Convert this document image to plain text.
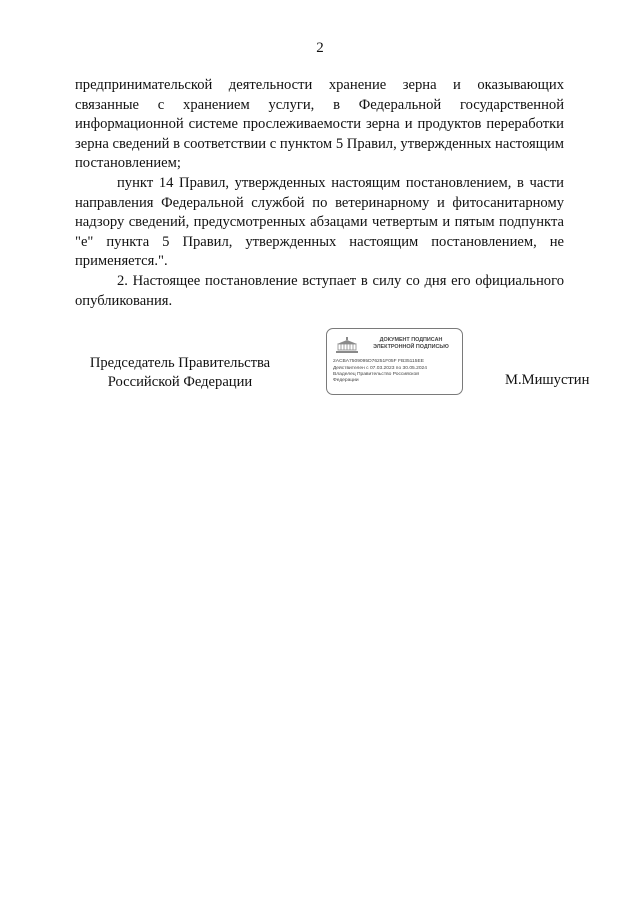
2

предпринимательской деятельности хранение зерна и оказывающих связанные с хранением услуги, в Федеральной государственной информационной системе прослеживаемости зерна и продуктов переработки зерна сведений в соответствии с пунктом 5 Правил, утвержденных настоящим постановлением;

пункт 14 Правил, утвержденных настоящим постановлением, в части направления Федеральной службой по ветеринарному и фитосанитарному надзору сведений, предусмотренных абзацами четвертым и пятым подпункта "е" пункта 5 Правил, утвержденных настоящим постановлением, не применяется.".

2. Настоящее постановление вступает в силу со дня его официального опубликования.

Председатель Правительства
Российской Федерации
ДОКУМЕНТ ПОДПИСАН
ЭЛЕКТРОННОЙ ПОДПИСЬЮ
2ACBA7509095D76251F05F FB35115EE
Действителен с 07.03.2023 по 30.05.2024
Владелец Правительство Российской
Федерации	М.Мишустин
